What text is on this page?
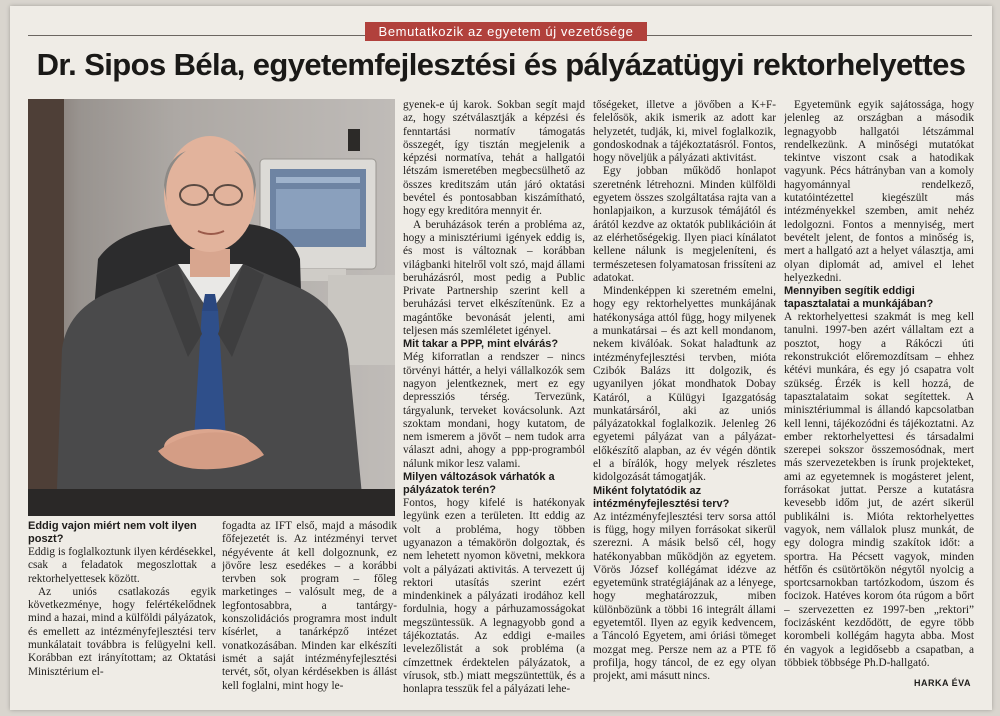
Bemutatkozik az egyetem új vezetősége
Dr. Sipos Béla, egyetemfejlesztési és pályázatügyi rektorhelyettes

Eddig vajon miért nem volt ilyen poszt?

Eddig is foglalkoztunk ilyen kérdésekkel, csak a feladatok megoszlottak a rektorhelyettesek között.

Az uniós csatlakozás egyik következménye, hogy felértékelődnek mind a hazai, mind a külföldi pályázatok, és emellett az intézményfejlesztési terv munkálatait továbbra is felügyelni kell. Korábban ezt irányítottam; az Oktatási Minisztérium el-

fogadta az IFT első, majd a második főfejezetét is. Az intézményi tervet négyévente át kell dolgoznunk, ez jövőre lesz esedékes – a korábbi tervben sok program – főleg marketinges – valósult meg, de a legfontosabbra, a tantárgy-konszolidációs programra most indult kísérlet, a tanárképző intézet vonatkozásában. Minden kar elkészíti ismét a saját intézményfejlesztési tervét, sőt, olyan kérdésekben is állást kell foglalni, mint hogy le-

gyenek-e új karok. Sokban segít majd az, hogy szétválasztják a képzési és fenntartási normatív támogatás összegét, így tisztán megjelenik a képzési normatíva, tehát a hallgatói létszám ismeretében megbecsülhető az összes kreditszám után járó oktatási bevétel és pontosabban kiszámítható, hogy egy kreditóra mennyit ér.

A beruházások terén a probléma az, hogy a minisztériumi igények eddig is, és most is változnak – korábban világbanki hitelről volt szó, majd állami beruházásról, most pedig a Public Private Partnership szerint kell a beruházási tervet elkészítenünk. Ez a magántőke bevonását jelenti, ami teljesen más szemléletet igényel.

Mit takar a PPP, mint elvárás?

Még kiforratlan a rendszer – nincs törvényi háttér, a helyi vállalkozók sem nagyon jelentkeznek, mert ez egy depressziós térség. Tervezünk, tárgyalunk, terveket kovácsolunk. Azt szoktam mondani, hogy kutatom, de nem ismerem a jövőt – nem tudok arra választ adni, ahogy a ppp-programból nálunk mikor lesz valami.

Milyen változások várhatók a pályázatok terén?

Fontos, hogy kifelé is hatékonyak legyünk ezen a területen. Itt eddig az volt a probléma, hogy többen ugyanazon a témakörön dolgoztak, és nem lehetett nyomon követni, mekkora volt a pályázati aktivitás. A tervezett új rektori utasítás szerint ezért mindenkinek a pályázati irodához kell fordulnia, hogy a párhuzamosságokat megszüntessük. A legnagyobb gond a tájékoztatás. Az eddigi e-mailes levelezőlistát a sok probléma (a címzettnek érdektelen pályázatok, a vírusok, stb.) miatt megszüntettük, és a honlapra tesszük fel a pályázati lehe-

tőségeket, illetve a jövőben a K+F-felelősök, akik ismerik az adott kar helyzetét, tudják, ki, mivel foglalkozik, gondoskodnak a tájékoztatásról. Fontos, hogy növeljük a pályázati aktivitást.

Egy jobban működő honlapot szeretnénk létrehozni. Minden külföldi egyetem összes szolgáltatása rajta van a honlapjaikon, a kurzusok témájától és árától kezdve az oktatók publikációin át az elérhetőségekig. Ilyen piaci kínálatot kellene nálunk is megjeleníteni, és természetesen folyamatosan frissíteni az adatokat.

Mindenképpen ki szeretném emelni, hogy egy rektorhelyettes munkájának hatékonysága attól függ, hogy milyenek a munkatársai – és azt kell mondanom, nekem kiválóak. Sokat haladtunk az intézményfejlesztési tervben, mióta Czibók Balázs itt dolgozik, és ugyanilyen jókat mondhatok Dobay Katáról, a Külügyi Igazgatóság munkatársáról, aki az uniós pályázatokkal foglalkozik. Jelenleg 26 egyetemi pályázat van a pályázat-előkészítő alapban, az év végén döntik el a bírálók, hogy melyek részletes kidolgozását támogatják.

Miként folytatódik az intézményfejlesztési terv?

Az intézményfejlesztési terv sorsa attól is függ, hogy milyen forrásokat sikerül szerezni. A másik belső cél, hogy hatékonyabban működjön az egyetem. Vörös József kollégámat idézve az egyetemünk stratégiájának az a lényege, hogy meghatározzuk, miben különbözünk a többi 16 integrált állami egyetemtől. Ilyen az egyik kedvencem, a Táncoló Egyetem, ami óriási tömeget mozgat meg. Persze nem az a PTE fő profilja, hogy táncol, de ez egy olyan projekt, ami másutt nincs.

Egyetemünk egyik sajátossága, hogy jelenleg az országban a második legnagyobb hallgatói létszámmal rendelkezünk. A minőségi mutatókat tekintve viszont csak a hatodikak vagyunk. Pécs hátrányban van a komoly hagyománnyal rendelkező, kutatóintézettel kiegészült más intézményekkel szemben, amit nehéz ledolgozni. Fontos a mennyiség, mert bevételt jelent, de fontos a minőség is, mert a hallgató azt a helyet választja, ami olyan diplomát ad, amivel el lehet helyezkedni.

Mennyiben segítik eddigi tapasztalatai a munkájában?

A rektorhelyettesi szakmát is meg kell tanulni. 1997-ben azért vállaltam ezt a posztot, hogy a Rákóczi úti rekonstrukciót előremozdítsam – ehhez kétévi munkára, és egy jó csapatra volt szükség. Érzék is kell hozzá, de tapasztalataim sokat segítettek. A minisztériummal is állandó kapcsolatban kell lenni, tájékozódni és tájékoztatni. Az ember rektorhelyettesi és társadalmi szerepei sokszor összemosódnak, mert más szervezetekben is írunk projekteket, ami az egyetemnek is mogásteret jelent, forrásokat juttat. Persze a kutatásra kevesebb időm jut, de azért sikerül publikálni is. Mióta rektorhelyettes vagyok, nem vállalok plusz munkát, de egy dologra mindig szakítok időt: a sportra. Ha Pécsett vagyok, minden hétfőn és csütörtökön négytől nyolcig a sportcsarnokban tartózkodom, úszom és focizok. Hatéves korom óta rúgom a bőrt – szervezetten ez 1997-ben „rektori” focizásként kezdődött, de egyre több korombeli kollégám hagyta abba. Most én vagyok a legidősebb a csapatban, a többiek többsége Ph.D-hallgató.

HARKA ÉVA
